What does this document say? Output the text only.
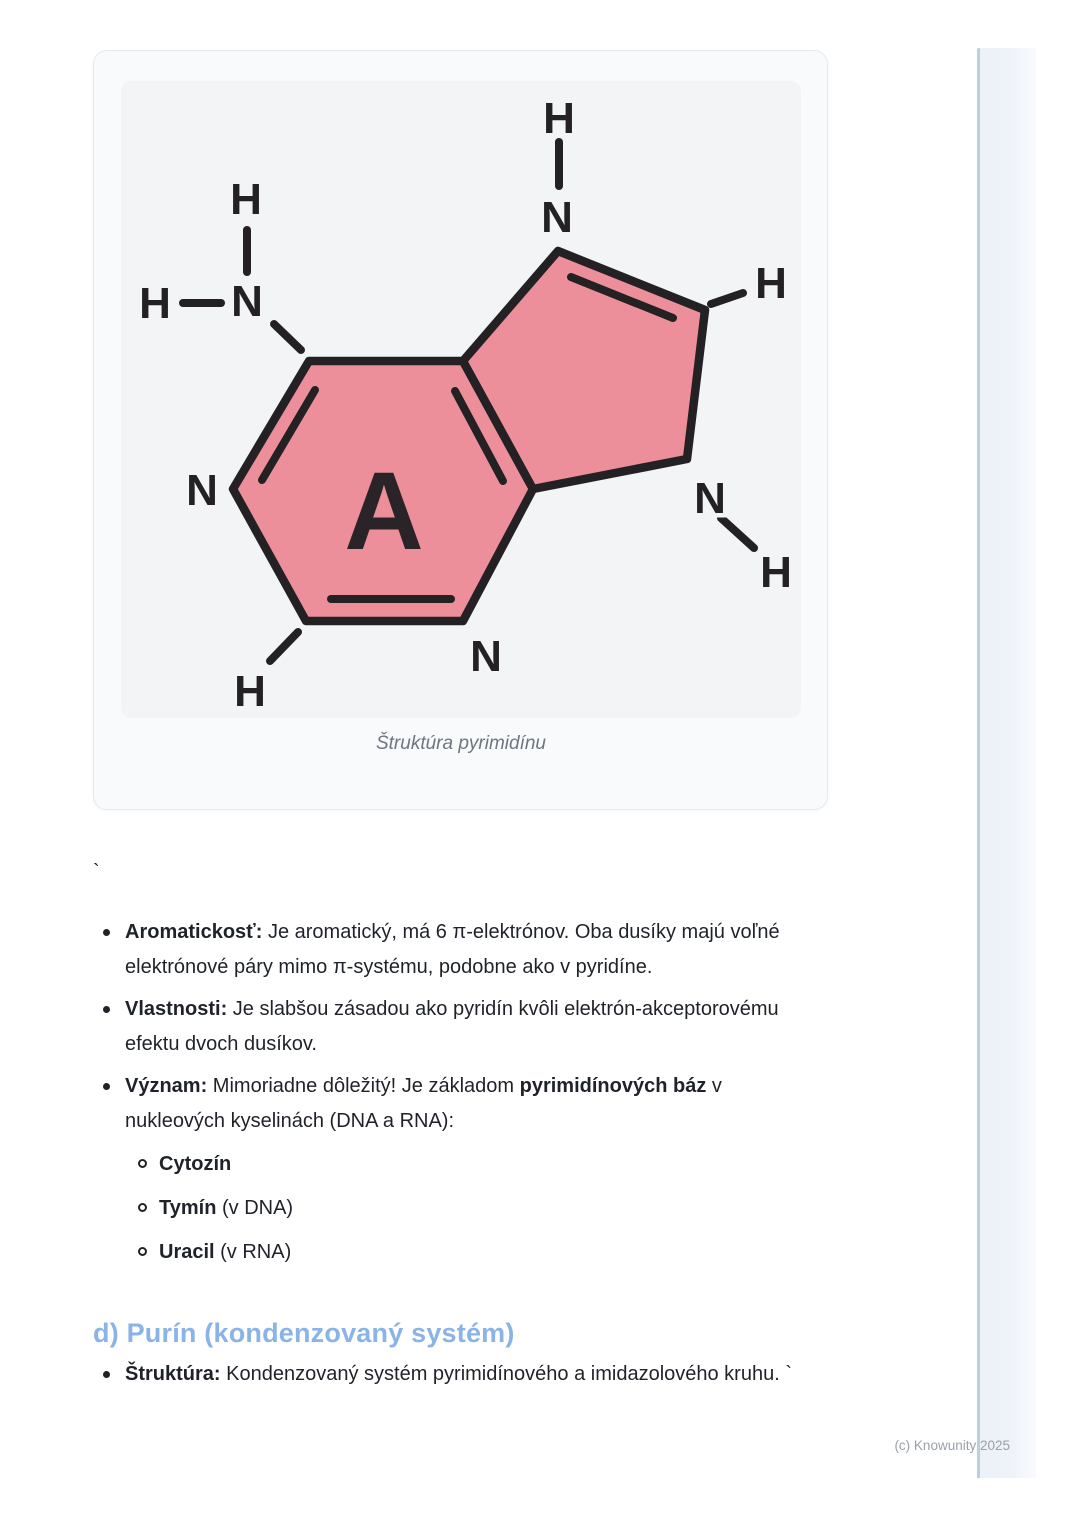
H
N
H
N
H
N
N
H
N
H
H
A
Štruktúra pyrimidínu
`

Aromatickosť: Je aromatický, má 6 π-elektrónov. Oba dusíky majú voľné elektrónové páry mimo π-systému, podobne ako v pyridíne.

Vlastnosti: Je slabšou zásadou ako pyridín kvôli elektrón-akceptorovému efektu dvoch dusíkov.

Význam: Mimoriadne dôležitý! Je základom pyrimidínových báz v nukleových kyselinách (DNA a RNA):

Cytozín

Tymín (v DNA)

Uracil (v RNA)

d) Purín (kondenzovaný systém)

Štruktúra: Kondenzovaný systém pyrimidínového a imidazolového kruhu. `

(c) Knowunity 2025
